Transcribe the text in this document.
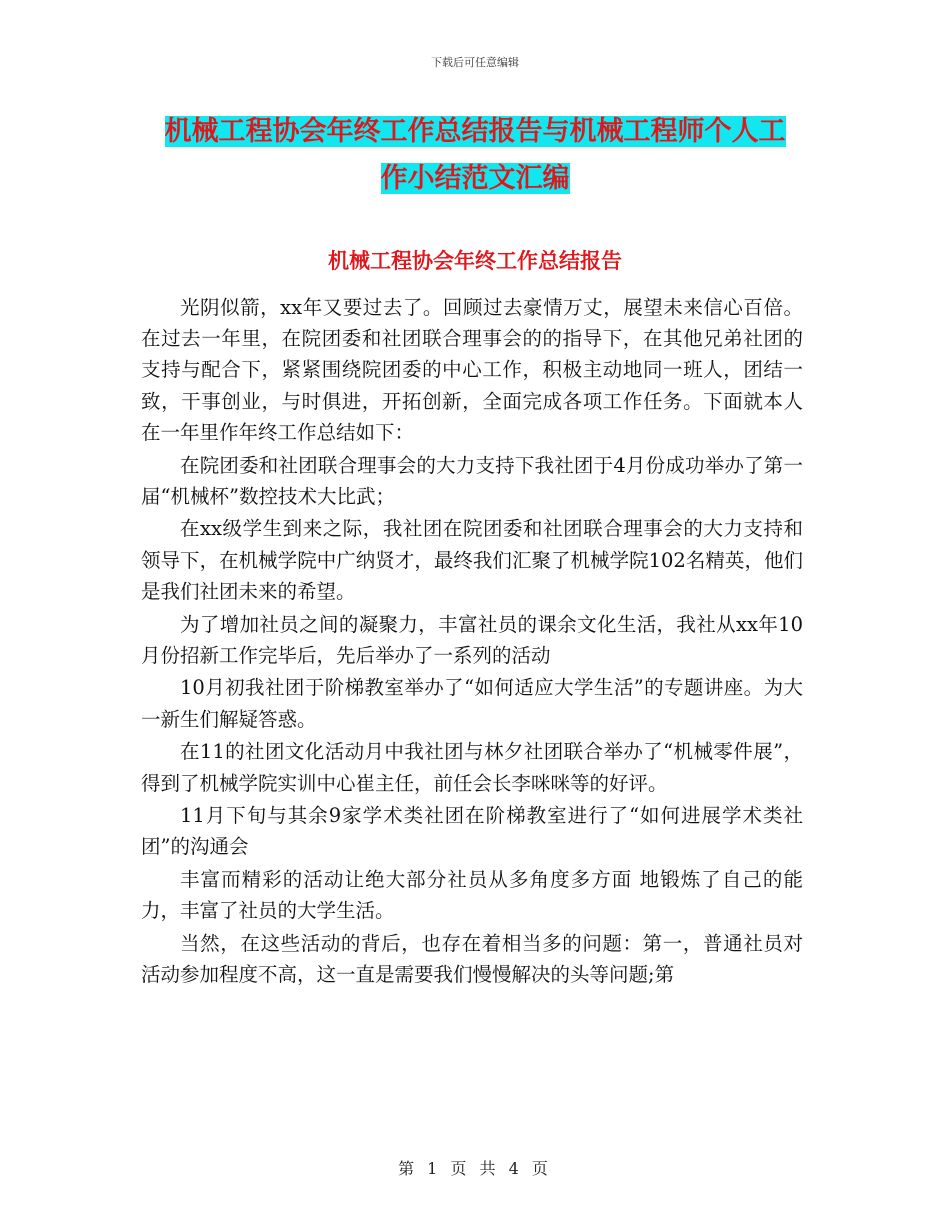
下载后可任意编辑
机械工程协会年终工作总结报告与机械工程师个人工
作小结范文汇编
机械工程协会年终工作总结报告

光阴似箭，xx年又要过去了。回顾过去豪情万丈，展望未来信心百倍。在过去一年里，在院团委和社团联合理事会的的指导下，在其他兄弟社团的支持与配合下，紧紧围绕院团委的中心工作，积极主动地同一班人，团结一致，干事创业，与时俱进，开拓创新，全面完成各项工作任务。下面就本人在一年里作年终工作总结如下：

在院团委和社团联合理事会的大力支持下我社团于4月份成功举办了第一届“机械杯”数控技术大比武；

在xx级学生到来之际，我社团在院团委和社团联合理事会的大力支持和领导下，在机械学院中广纳贤才，最终我们汇聚了机械学院102名精英，他们是我们社团未来的希望。

为了增加社员之间的凝聚力，丰富社员的课余文化生活，我社从xx年10月份招新工作完毕后，先后举办了一系列的活动

10月初我社团于阶梯教室举办了“如何适应大学生活”的专题讲座。为大一新生们解疑答惑。

在11的社团文化活动月中我社团与林夕社团联合举办了“机械零件展”，得到了机械学院实训中心崔主任，前任会长李咪咪等的好评。

11月下旬与其余9家学术类社团在阶梯教室进行了“如何进展学术类社团”的沟通会

丰富而精彩的活动让绝大部分社员从多角度多方面 地锻炼了自己的能力，丰富了社员的大学生活。

当然，在这些活动的背后，也存在着相当多的问题：第一，普通社员对活动参加程度不高，这一直是需要我们慢慢解决的头等问题;第

第 1 页 共 4 页
